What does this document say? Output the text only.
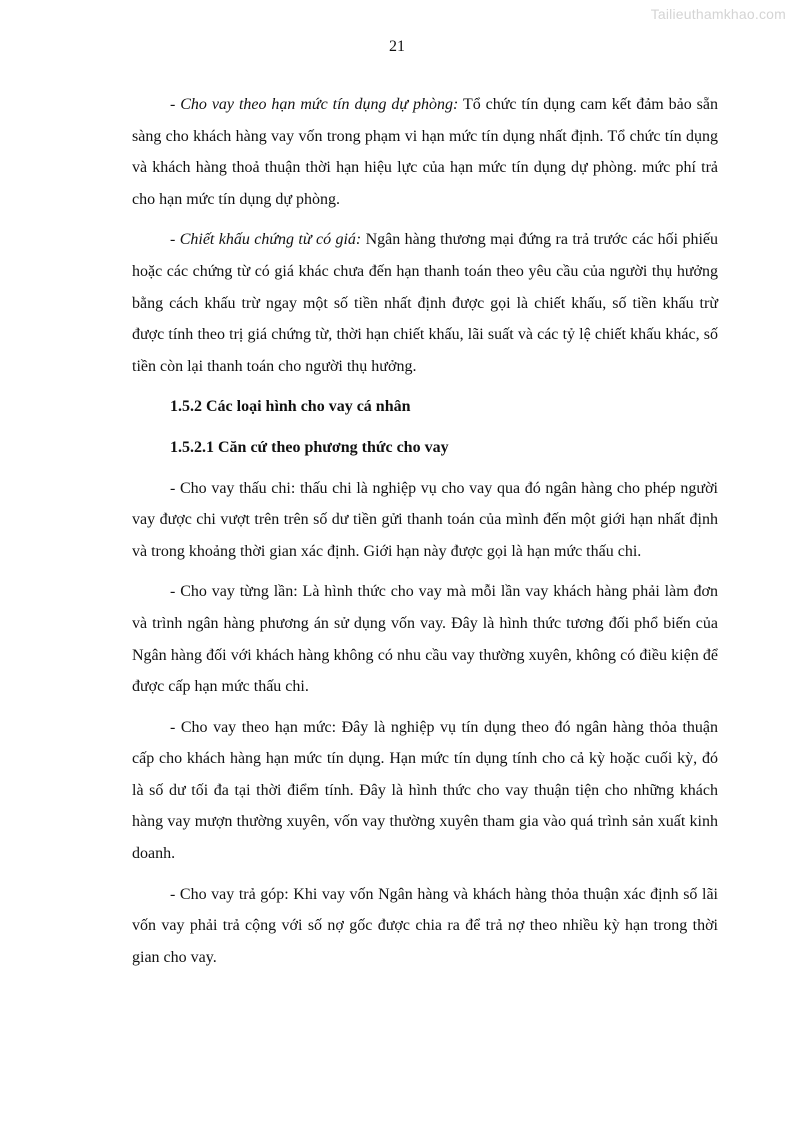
Tailieuthamkhao.com
21

- Cho vay theo hạn mức tín dụng dự phòng: Tổ chức tín dụng cam kết đảm bảo sẵn sàng cho khách hàng vay vốn trong phạm vi hạn mức tín dụng nhất định. Tổ chức tín dụng và khách hàng thoả thuận thời hạn hiệu lực của hạn mức tín dụng dự phòng. mức phí trả cho hạn mức tín dụng dự phòng.

- Chiết khấu chứng từ có giá: Ngân hàng thương mại đứng ra trả trước các hối phiếu hoặc các chứng từ có giá khác chưa đến hạn thanh toán theo yêu cầu của người thụ hưởng bằng cách khấu trừ ngay một số tiền nhất định được gọi là chiết khấu, số tiền khấu trừ được tính theo trị giá chứng từ, thời hạn chiết khấu, lãi suất và các tỷ lệ chiết khấu khác, số tiền còn lại thanh toán cho người thụ hưởng.

1.5.2 Các loại hình cho vay cá nhân
1.5.2.1 Căn cứ theo phương thức cho vay

- Cho vay thấu chi: thấu chi là nghiệp vụ cho vay qua đó ngân hàng cho phép người vay được chi vượt trên trên số dư tiền gửi thanh toán của mình đến một giới hạn nhất định và trong khoảng thời gian xác định. Giới hạn này được gọi là hạn mức thấu chi.

- Cho vay từng lần: Là hình thức cho vay mà mỗi lần vay khách hàng phải làm đơn và trình ngân hàng phương án sử dụng vốn vay. Đây là hình thức tương đối phổ biến của Ngân hàng đối với khách hàng không có nhu cầu vay thường xuyên, không có điều kiện để được cấp hạn mức thấu chi.

- Cho vay theo hạn mức: Đây là nghiệp vụ tín dụng theo đó ngân hàng thỏa thuận cấp cho khách hàng hạn mức tín dụng. Hạn mức tín dụng tính cho cả kỳ hoặc cuối kỳ, đó là số dư tối đa tại thời điểm tính. Đây là hình thức cho vay thuận tiện cho những khách hàng vay mượn thường xuyên, vốn vay thường xuyên tham gia vào quá trình sản xuất kinh doanh.

- Cho vay trả góp: Khi vay vốn Ngân hàng và khách hàng thỏa thuận xác định số lãi vốn vay phải trả cộng với số nợ gốc được chia ra để trả nợ theo nhiều kỳ hạn trong thời gian cho vay.
